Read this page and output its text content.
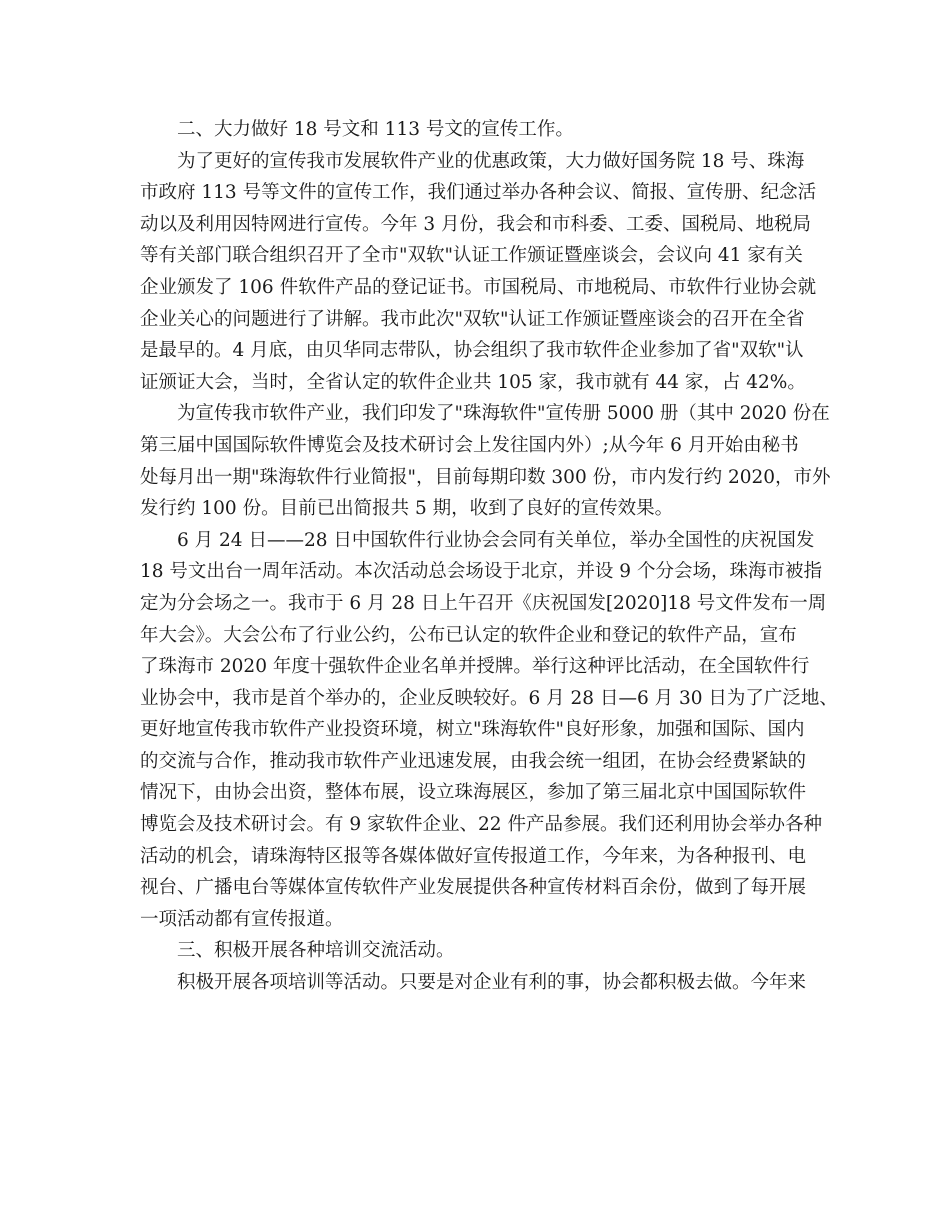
二、大力做好 18 号文和 113 号文的宣传工作。

为了更好的宣传我市发展软件产业的优惠政策，大力做好国务院 18 号、珠海
市政府 113 号等文件的宣传工作，我们通过举办各种会议、简报、宣传册、纪念活
动以及利用因特网进行宣传。今年 3 月份，我会和市科委、工委、国税局、地税局
等有关部门联合组织召开了全市"双软"认证工作颁证暨座谈会，会议向 41 家有关
企业颁发了 106 件软件产品的登记证书。市国税局、市地税局、市软件行业协会就
企业关心的问题进行了讲解。我市此次"双软"认证工作颁证暨座谈会的召开在全省
是最早的。4 月底，由贝华同志带队，协会组织了我市软件企业参加了省"双软"认
证颁证大会，当时，全省认定的软件企业共 105 家，我市就有 44 家，占 42%。

为宣传我市软件产业，我们印发了"珠海软件"宣传册 5000 册（其中 2020 份在
第三届中国国际软件博览会及技术研讨会上发往国内外）;从今年 6 月开始由秘书
处每月出一期"珠海软件行业简报"，目前每期印数 300 份，市内发行约 2020，市外
发行约 100 份。目前已出简报共 5 期，收到了良好的宣传效果。

6 月 24 日——28 日中国软件行业协会会同有关单位，举办全国性的庆祝国发
18 号文出台一周年活动。本次活动总会场设于北京，并设 9 个分会场，珠海市被指
定为分会场之一。我市于 6 月 28 日上午召开《庆祝国发[2020]18 号文件发布一周
年大会》。大会公布了行业公约，公布已认定的软件企业和登记的软件产品，宣布
了珠海市 2020 年度十强软件企业名单并授牌。举行这种评比活动，在全国软件行
业协会中，我市是首个举办的，企业反映较好。6 月 28 日—6 月 30 日为了广泛地、
更好地宣传我市软件产业投资环境，树立"珠海软件"良好形象，加强和国际、国内
的交流与合作，推动我市软件产业迅速发展，由我会统一组团，在协会经费紧缺的
情况下，由协会出资，整体布展，设立珠海展区，参加了第三届北京中国国际软件
博览会及技术研讨会。有 9 家软件企业、22 件产品参展。我们还利用协会举办各种
活动的机会，请珠海特区报等各媒体做好宣传报道工作，今年来，为各种报刊、电
视台、广播电台等媒体宣传软件产业发展提供各种宣传材料百余份，做到了每开展
一项活动都有宣传报道。

三、积极开展各种培训交流活动。

积极开展各项培训等活动。只要是对企业有利的事，协会都积极去做。今年来
